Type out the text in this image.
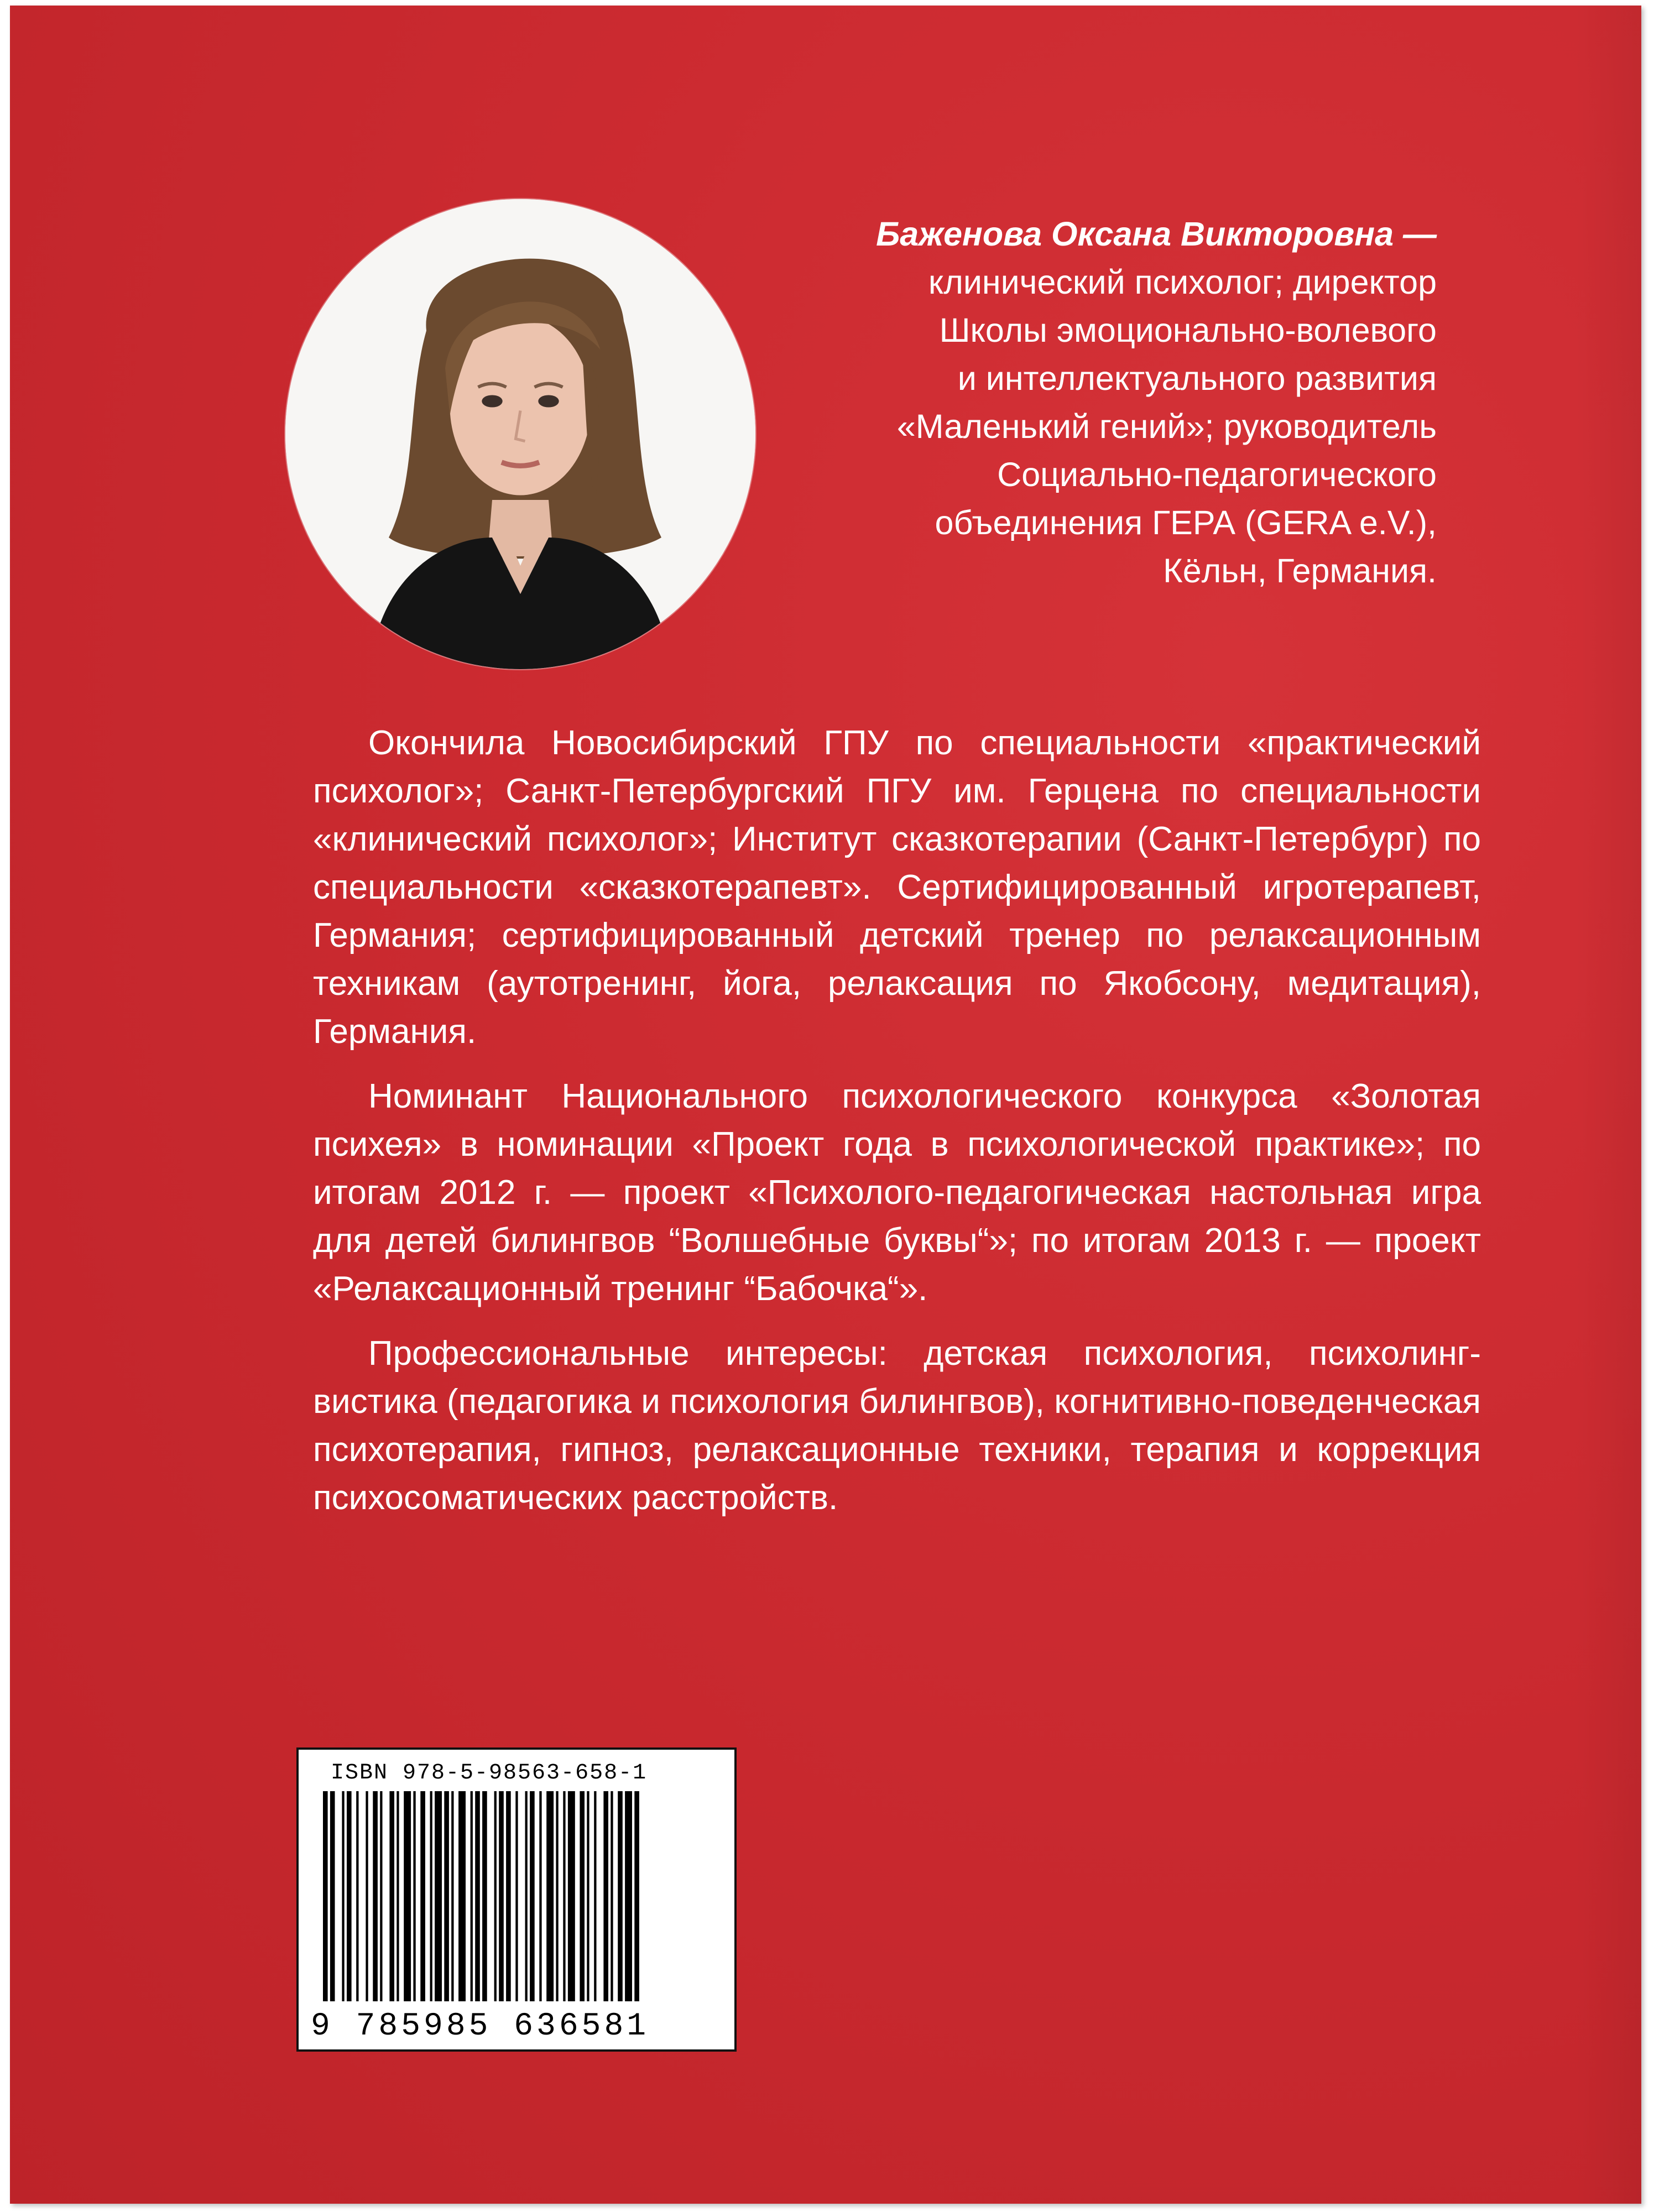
Баженова Оксана Викторовна —
клинический психолог; директор
Школы эмоционально-волевого
и интеллектуального развития
«Маленький гений»; руководитель
Социально-педагогического
объединения ГЕРА (GERA e.V.),
Кёльн, Германия.

Окончила Новосибирский ГПУ по специальности «практический психолог»; Санкт-Петербургский ПГУ им. Герцена по специальности «клинический психолог»; Институт сказкотерапии (Санкт-Петербург) по специальности «сказкотерапевт». Сертифицированный игротерапевт, Германия; сертифицированный детский тренер по релаксационным техникам (аутотренинг, йога, релаксация по Якобсону, медитация), Германия.

Номинант Национального психологического конкурса «Золотая психея» в номинации «Проект года в психологической практике»; по итогам 2012 г. — проект «Психолого-педагогическая настольная игра для детей билингвов “Волшебные буквы“»; по итогам 2013 г. — проект «Релаксационный тренинг “Бабочка“».

Профессиональные интересы: детская психология, психолингвистика (педагогика и психология билингвов), когнитивно-поведенческая психотерапия, гипноз, релаксационные техники, терапия и коррекция психосоматических расстройств.

ISBN 978-5-98563-658-1
9 785985 636581
